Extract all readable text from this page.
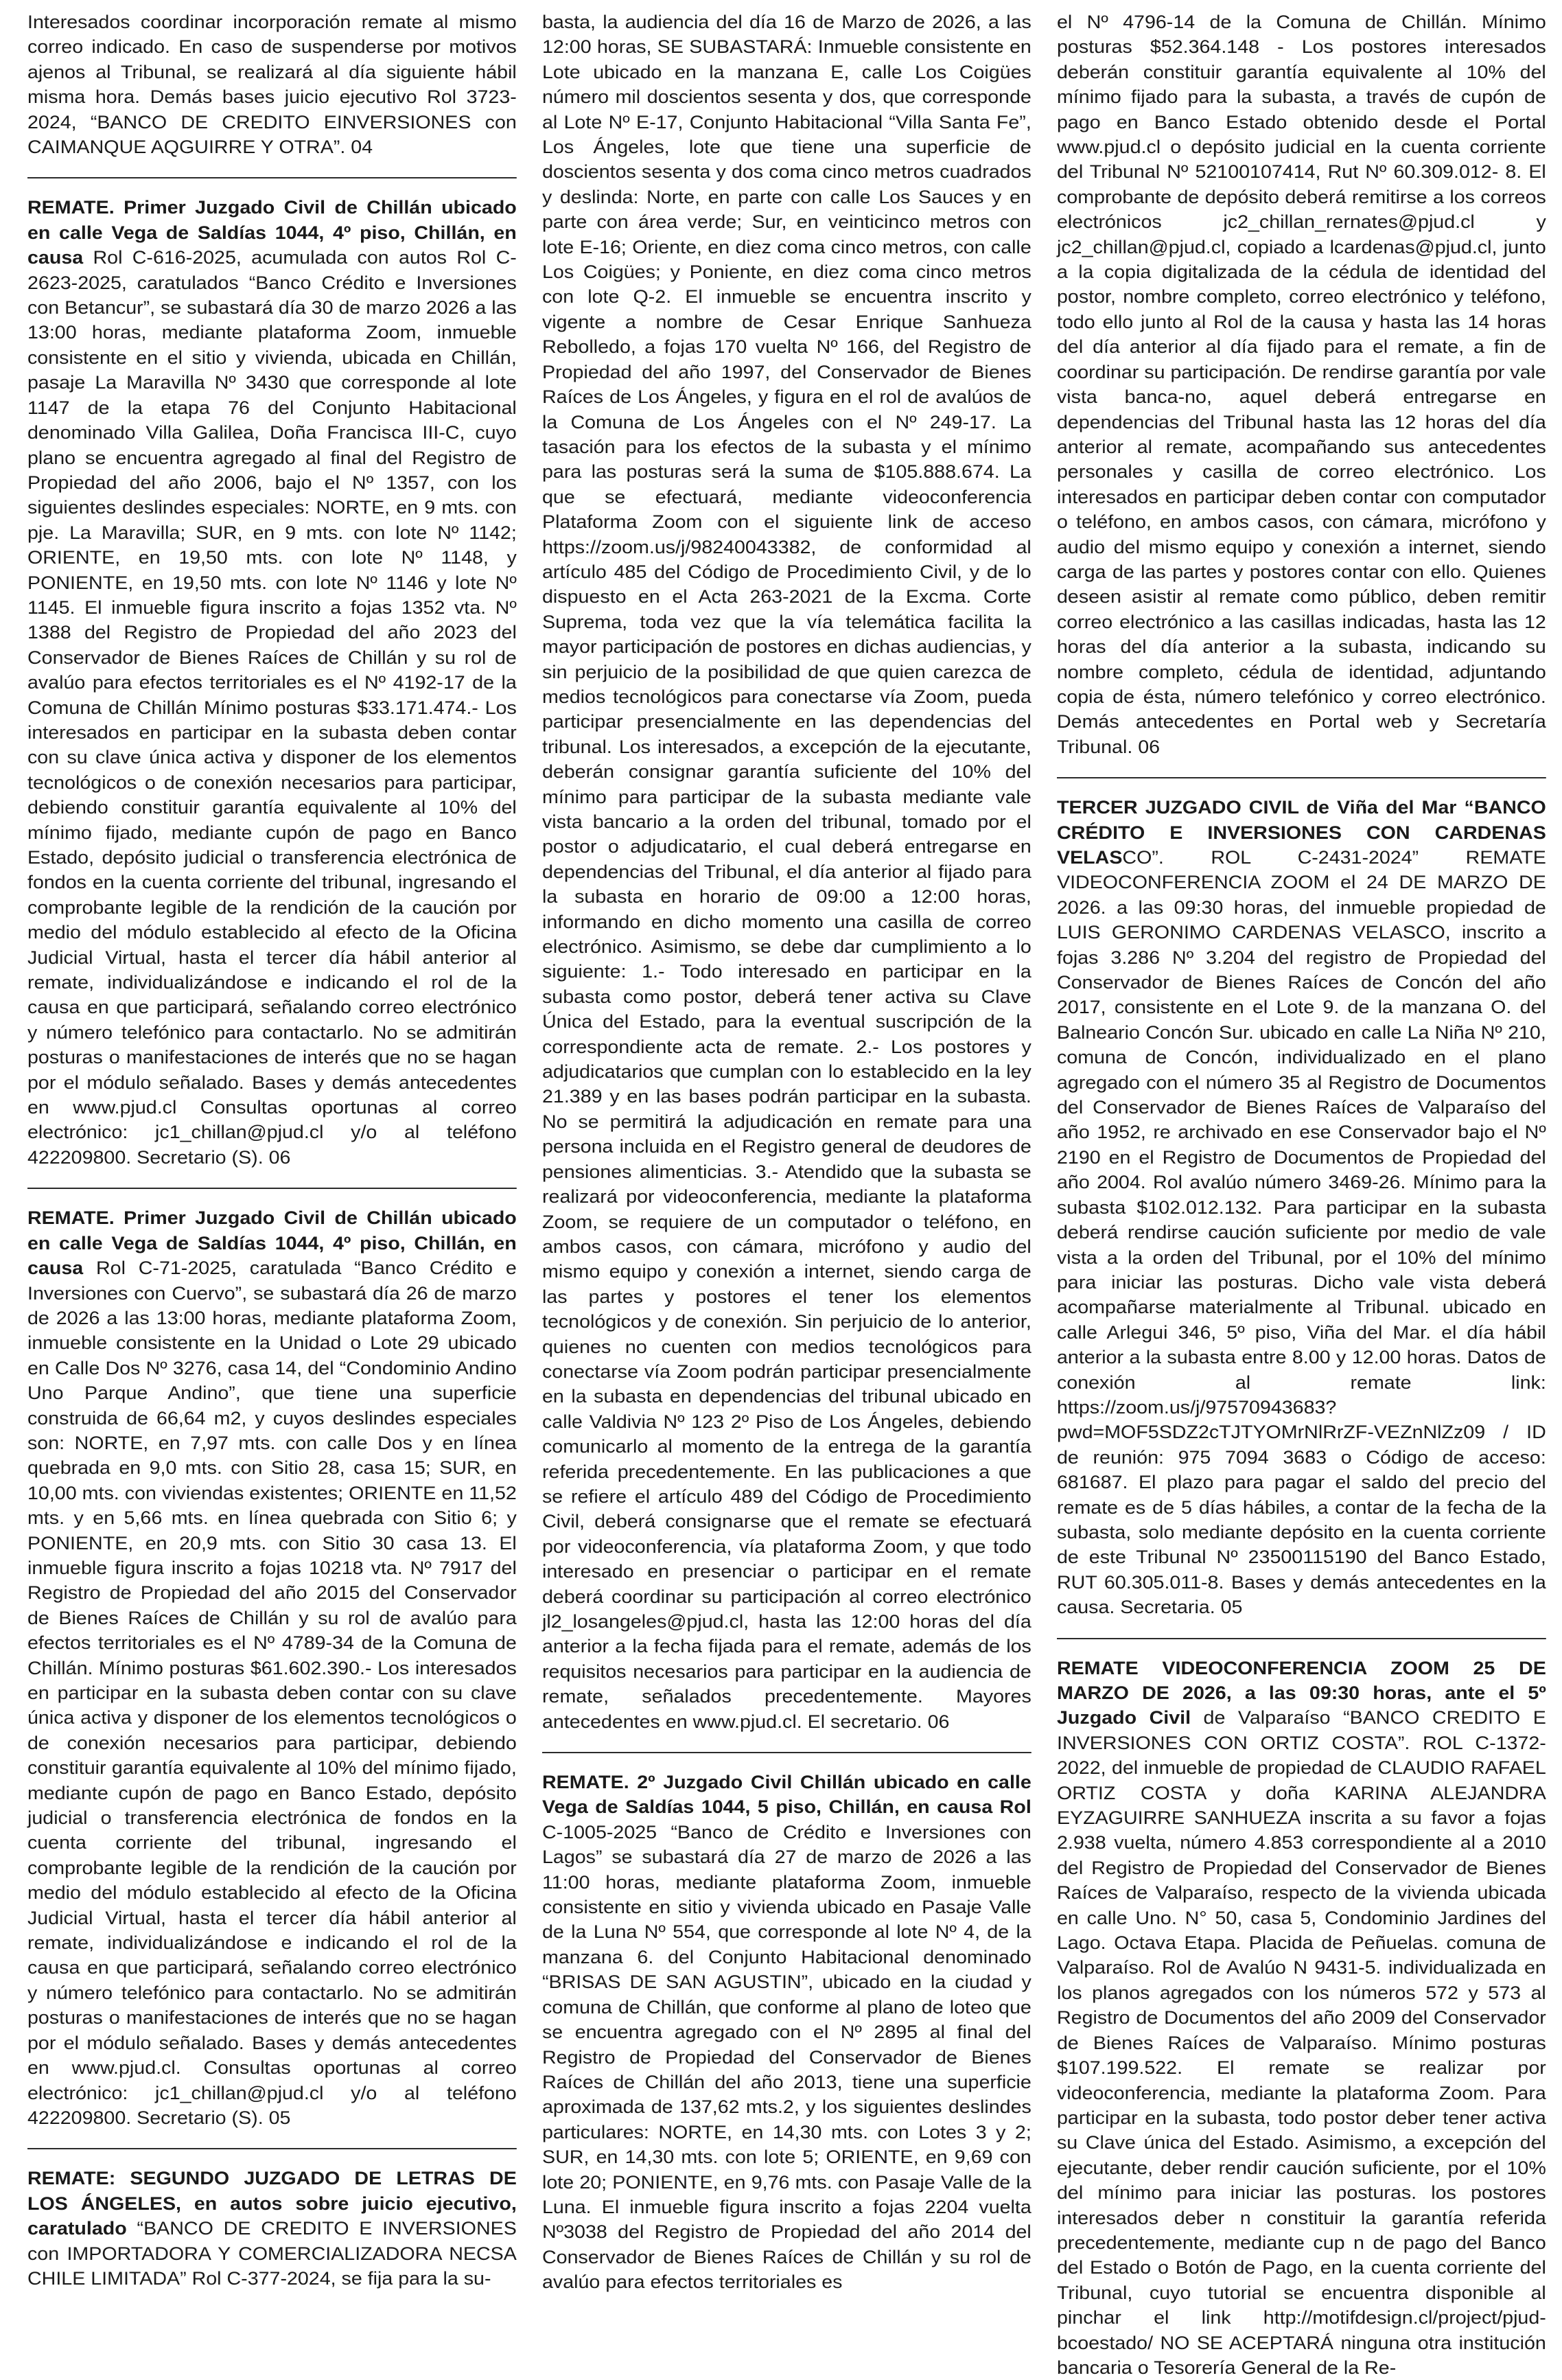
Interesados coordinar incorporación remate al mismo correo indicado. En caso de suspenderse por motivos ajenos al Tribunal, se realizará al día siguiente hábil misma hora. Demás bases juicio ejecutivo Rol 3723-2024, “BANCO DE CREDITO EINVERSIONES con CAIMANQUE AQGUIRRE Y OTRA”. 04

REMATE. Primer Juzgado Civil de Chillán ubicado en calle Vega de Saldías 1044, 4º piso, Chillán, en causa Rol C-616-2025, acumulada con autos Rol C-2623-2025, caratulados “Banco Crédito e Inversiones con Betancur”, se subastará día 30 de marzo 2026 a las 13:00 horas, mediante plataforma Zoom, inmueble consistente en el sitio y vivienda, ubicada en Chillán, pasaje La Maravilla Nº 3430 que corresponde al lote 1147 de la etapa 76 del Conjunto Habitacional denominado Villa Galilea, Doña Francisca III-C, cuyo plano se encuentra agregado al final del Registro de Propiedad del año 2006, bajo el Nº 1357, con los siguientes deslindes especiales: NORTE, en 9 mts. con pje. La Maravilla; SUR, en 9 mts. con lote Nº 1142; ORIENTE, en 19,50 mts. con lote Nº 1148, y PONIENTE, en 19,50 mts. con lote Nº 1146 y lote Nº 1145. El inmueble figura inscrito a fojas 1352 vta. Nº 1388 del Registro de Propiedad del año 2023 del Conservador de Bienes Raíces de Chillán y su rol de avalúo para efectos territoriales es el Nº 4192-17 de la Comuna de Chillán Mínimo posturas $33.171.474.- Los interesados en participar en la subasta deben contar con su clave única activa y disponer de los elementos tecnológicos o de conexión necesarios para participar, debiendo constituir garantía equivalente al 10% del mínimo fijado, mediante cupón de pago en Banco Estado, depósito judicial o transferencia electrónica de fondos en la cuenta corriente del tribunal, ingresando el comprobante legible de la rendición de la caución por medio del módulo establecido al efecto de la Oficina Judicial Virtual, hasta el tercer día hábil anterior al remate, individualizándose e indicando el rol de la causa en que participará, señalando correo electrónico y número telefónico para contactarlo. No se admitirán posturas o manifestaciones de interés que no se hagan por el módulo señalado. Bases y demás antecedentes en www.pjud.cl Consultas oportunas al correo electrónico: jc1_chillan@pjud.cl y/o al teléfono 422209800. Secretario (S). 06

REMATE. Primer Juzgado Civil de Chillán ubicado en calle Vega de Saldías 1044, 4º piso, Chillán, en causa Rol C-71-2025, caratulada “Banco Crédito e Inversiones con Cuervo”, se subastará día 26 de marzo de 2026 a las 13:00 horas, mediante plataforma Zoom, inmueble consistente en la Unidad o Lote 29 ubicado en Calle Dos Nº 3276, casa 14, del “Condominio Andino Uno Parque Andino”, que tiene una superficie construida de 66,64 m2, y cuyos deslindes especiales son: NORTE, en 7,97 mts. con calle Dos y en línea quebrada en 9,0 mts. con Sitio 28, casa 15; SUR, en 10,00 mts. con viviendas existentes; ORIENTE en 11,52 mts. y en 5,66 mts. en línea quebrada con Sitio 6; y PONIENTE, en 20,9 mts. con Sitio 30 casa 13. El inmueble figura inscrito a fojas 10218 vta. Nº 7917 del Registro de Propiedad del año 2015 del Conservador de Bienes Raíces de Chillán y su rol de avalúo para efectos territoriales es el Nº 4789-34 de la Comuna de Chillán. Mínimo posturas $61.602.390.- Los interesados en participar en la subasta deben contar con su clave única activa y disponer de los elementos tecnológicos o de conexión necesarios para participar, debiendo constituir garantía equivalente al 10% del mínimo fijado, mediante cupón de pago en Banco Estado, depósito judicial o transferencia electrónica de fondos en la cuenta corriente del tribunal, ingresando el comprobante legible de la rendición de la caución por medio del módulo establecido al efecto de la Oficina Judicial Virtual, hasta el tercer día hábil anterior al remate, individualizándose e indicando el rol de la causa en que participará, señalando correo electrónico y número telefónico para contactarlo. No se admitirán posturas o manifestaciones de interés que no se hagan por el módulo señalado. Bases y demás antecedentes en www.pjud.cl. Consultas oportunas al correo electrónico: jc1_chillan@pjud.cl y/o al teléfono 422209800. Secretario (S). 05

REMATE: SEGUNDO JUZGADO DE LETRAS DE LOS ÁNGELES, en autos sobre juicio ejecutivo, caratulado “BANCO DE CREDITO E INVERSIONES con IMPORTADORA Y COMERCIALIZADORA NECSA CHILE LIMITADA” Rol C-377-2024, se fija para la su-

basta, la audiencia del día 16 de Marzo de 2026, a las 12:00 horas, SE SUBASTARÁ: Inmueble consistente en Lote ubicado en la manzana E, calle Los Coigües número mil doscientos sesenta y dos, que corresponde al Lote Nº E-17, Conjunto Habitacional “Villa Santa Fe”, Los Ángeles, lote que tiene una superficie de doscientos sesenta y dos coma cinco metros cuadrados y deslinda: Norte, en parte con calle Los Sauces y en parte con área verde; Sur, en veinticinco metros con lote E-16; Oriente, en diez coma cinco metros, con calle Los Coigües; y Poniente, en diez coma cinco metros con lote Q-2. El inmueble se encuentra inscrito y vigente a nombre de Cesar Enrique Sanhueza Rebolledo, a fojas 170 vuelta Nº 166, del Registro de Propiedad del año 1997, del Conservador de Bienes Raíces de Los Ángeles, y figura en el rol de avalúos de la Comuna de Los Ángeles con el Nº 249-17. La tasación para los efectos de la subasta y el mínimo para las posturas será la suma de $105.888.674. La que se efectuará, mediante videoconferencia Plataforma Zoom con el siguiente link de acceso https://zoom.us/j/98240043382, de conformidad al artículo 485 del Código de Procedimiento Civil, y de lo dispuesto en el Acta 263-2021 de la Excma. Corte Suprema, toda vez que la vía telemática facilita la mayor participación de postores en dichas audiencias, y sin perjuicio de la posibilidad de que quien carezca de medios tecnológicos para conectarse vía Zoom, pueda participar presencialmente en las dependencias del tribunal. Los interesados, a excepción de la ejecutante, deberán consignar garantía suficiente del 10% del mínimo para participar de la subasta mediante vale vista bancario a la orden del tribunal, tomado por el postor o adjudicatario, el cual deberá entregarse en dependencias del Tribunal, el día anterior al fijado para la subasta en horario de 09:00 a 12:00 horas, informando en dicho momento una casilla de correo electrónico. Asimismo, se debe dar cumplimiento a lo siguiente: 1.- Todo interesado en participar en la subasta como postor, deberá tener activa su Clave Única del Estado, para la eventual suscripción de la correspondiente acta de remate. 2.- Los postores y adjudicatarios que cumplan con lo establecido en la ley 21.389 y en las bases podrán participar en la subasta. No se permitirá la adjudicación en remate para una persona incluida en el Registro general de deudores de pensiones alimenticias. 3.- Atendido que la subasta se realizará por videoconferencia, mediante la plataforma Zoom, se requiere de un computador o teléfono, en ambos casos, con cámara, micrófono y audio del mismo equipo y conexión a internet, siendo carga de las partes y postores el tener los elementos tecnológicos y de conexión. Sin perjuicio de lo anterior, quienes no cuenten con medios tecnológicos para conectarse vía Zoom podrán participar presencialmente en la subasta en dependencias del tribunal ubicado en calle Valdivia Nº 123 2º Piso de Los Ángeles, debiendo comunicarlo al momento de la entrega de la garantía referida precedentemente. En las publicaciones a que se refiere el artículo 489 del Código de Procedimiento Civil, deberá consignarse que el remate se efectuará por videoconferencia, vía plataforma Zoom, y que todo interesado en presenciar o participar en el remate deberá coordinar su participación al correo electrónico jl2_losangeles@pjud.cl, hasta las 12:00 horas del día anterior a la fecha fijada para el remate, además de los requisitos necesarios para participar en la audiencia de remate, señalados precedentemente. Mayores antecedentes en www.pjud.cl. El secretario. 06

REMATE. 2º Juzgado Civil Chillán ubicado en calle Vega de Saldías 1044, 5 piso, Chillán, en causa Rol C-1005-2025 “Banco de Crédito e Inversiones con Lagos” se subastará día 27 de marzo de 2026 a las 11:00 horas, mediante plataforma Zoom, inmueble consistente en sitio y vivienda ubicado en Pasaje Valle de la Luna Nº 554, que corresponde al lote Nº 4, de la manzana 6. del Conjunto Habitacional denominado “BRISAS DE SAN AGUSTIN”, ubicado en la ciudad y comuna de Chillán, que conforme al plano de loteo que se encuentra agregado con el Nº 2895 al final del Registro de Propiedad del Conservador de Bienes Raíces de Chillán del año 2013, tiene una superficie aproximada de 137,62 mts.2, y los siguientes deslindes particulares: NORTE, en 14,30 mts. con Lotes 3 y 2; SUR, en 14,30 mts. con lote 5; ORIENTE, en 9,69 con lote 20; PONIENTE, en 9,76 mts. con Pasaje Valle de la Luna. El inmueble figura inscrito a fojas 2204 vuelta Nº3038 del Registro de Propiedad del año 2014 del Conservador de Bienes Raíces de Chillán y su rol de avalúo para efectos territoriales es

el Nº 4796-14 de la Comuna de Chillán. Mínimo posturas $52.364.148 - Los postores interesados deberán constituir garantía equivalente al 10% del mínimo fijado para la subasta, a través de cupón de pago en Banco Estado obtenido desde el Portal www.pjud.cl o depósito judicial en la cuenta corriente del Tribunal Nº 52100107414, Rut Nº 60.309.012- 8. El comprobante de depósito deberá remitirse a los correos electrónicos jc2_chillan_rernates@pjud.cl y jc2_chillan@pjud.cl, copiado a lcardenas@pjud.cl, junto a la copia digitalizada de la cédula de identidad del postor, nombre completo, correo electrónico y teléfono, todo ello junto al Rol de la causa y hasta las 14 horas del día anterior al día fijado para el remate, a fin de coordinar su participación. De rendirse garantía por vale vista banca-no, aquel deberá entregarse en dependencias del Tribunal hasta las 12 horas del día anterior al remate, acompañando sus antecedentes personales y casilla de correo electrónico. Los interesados en participar deben contar con computador o teléfono, en ambos casos, con cámara, micrófono y audio del mismo equipo y conexión a internet, siendo carga de las partes y postores contar con ello. Quienes deseen asistir al remate como público, deben remitir correo electrónico a las casillas indicadas, hasta las 12 horas del día anterior a la subasta, indicando su nombre completo, cédula de identidad, adjuntando copia de ésta, número telefónico y correo electrónico. Demás antecedentes en Portal web y Secretaría Tribunal. 06

TERCER JUZGADO CIVIL de Viña del Mar “BANCO CRÉDITO E INVERSIONES CON CARDENAS VELASCO”. ROL C-2431-2024” REMATE VIDEOCONFERENCIA ZOOM el 24 DE MARZO DE 2026. a las 09:30 horas, del inmueble propiedad de LUIS GERONIMO CARDENAS VELASCO, inscrito a fojas 3.286 Nº 3.204 del registro de Propiedad del Conservador de Bienes Raíces de Concón del año 2017, consistente en el Lote 9. de la manzana O. del Balneario Concón Sur. ubicado en calle La Niña Nº 210, comuna de Concón, individualizado en el plano agregado con el número 35 al Registro de Documentos del Conservador de Bienes Raíces de Valparaíso del año 1952, re archivado en ese Conservador bajo el Nº 2190 en el Registro de Documentos de Propiedad del año 2004. Rol avalúo número 3469-26. Mínimo para la subasta $102.012.132. Para participar en la subasta deberá rendirse caución suficiente por medio de vale vista a la orden del Tribunal, por el 10% del mínimo para iniciar las posturas. Dicho vale vista deberá acompañarse materialmente al Tribunal. ubicado en calle Arlegui 346, 5º piso, Viña del Mar. el día hábil anterior a la subasta entre 8.00 y 12.00 horas. Datos de conexión al remate link: https://zoom.us/j/97570943683?pwd=MOF5SDZ2cTJTYOMrNlRrZF-VEZnNlZz09 / ID de reunión: 975 7094 3683 o Código de acceso: 681687. El plazo para pagar el saldo del precio del remate es de 5 días hábiles, a contar de la fecha de la subasta, solo mediante depósito en la cuenta corriente de este Tribunal Nº 23500115190 del Banco Estado, RUT 60.305.011-8. Bases y demás antecedentes en la causa. Secretaria. 05

REMATE VIDEOCONFERENCIA ZOOM 25 DE MARZO DE 2026, a las 09:30 horas, ante el 5º Juzgado Civil de Valparaíso “BANCO CREDITO E INVERSIONES CON ORTIZ COSTA”. ROL C-1372-2022, del inmueble de propiedad de CLAUDIO RAFAEL ORTIZ COSTA y doña KARINA ALEJANDRA EYZAGUIRRE SANHUEZA inscrita a su favor a fojas 2.938 vuelta, número 4.853 correspondiente al a 2010 del Registro de Propiedad del Conservador de Bienes Raíces de Valparaíso, respecto de la vivienda ubicada en calle Uno. N° 50, casa 5, Condominio Jardines del Lago. Octava Etapa. Placida de Peñuelas. comuna de Valparaíso. Rol de Avalúo N 9431-5. individualizada en los planos agregados con los números 572 y 573 al Registro de Documentos del año 2009 del Conservador de Bienes Raíces de Valparaíso. Mínimo posturas $107.199.522. El remate se realizar por videoconferencia, mediante la plataforma Zoom. Para participar en la subasta, todo postor deber tener activa su Clave única del Estado. Asimismo, a excepción del ejecutante, deber rendir caución suficiente, por el 10% del mínimo para iniciar las posturas. los postores interesados deber n constituir la garantía referida precedentemente, mediante cup n de pago del Banco del Estado o Botón de Pago, en la cuenta corriente del Tribunal, cuyo tutorial se encuentra disponible al pinchar el link http://motifdesign.cl/project/pjud-bcoestado/ NO SE ACEPTARÁ ninguna otra institución bancaria o Tesorería General de la Re-
